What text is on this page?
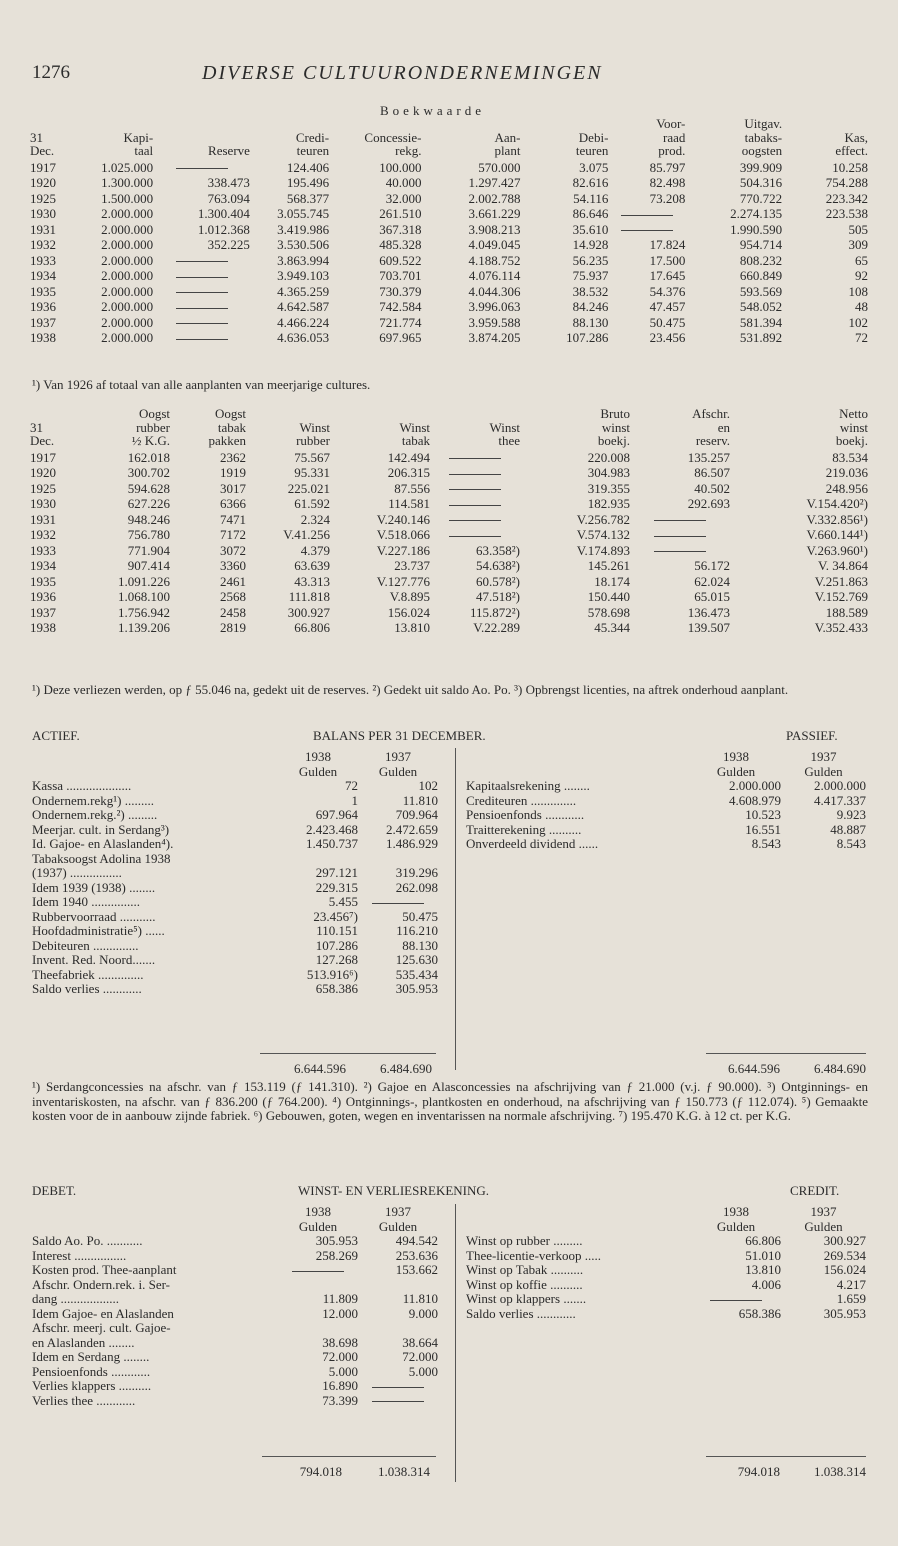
1276	DIVERSE CULTUURONDERNEMINGEN
Boekwaarde
							Voor-	Uitgav.	
31	Kapi-		Credi-	Concessie-	Aan-	Debi-	raad	tabaks-	Kas,
Dec.	taal	Reserve	teuren	rekg.	plant	teuren	prod.	oogsten	effect.
1917	1.025.000		124.406	100.000	570.000	3.075	85.797	399.909	10.258
1920	1.300.000	338.473	195.496	40.000	1.297.427	82.616	82.498	504.316	754.288
1925	1.500.000	763.094	568.377	32.000	2.002.788	54.116	73.208	770.722	223.342
1930	2.000.000	1.300.404	3.055.745	261.510	3.661.229	86.646		2.274.135	223.538
1931	2.000.000	1.012.368	3.419.986	367.318	3.908.213	35.610		1.990.590	505
1932	2.000.000	352.225	3.530.506	485.328	4.049.045	14.928	17.824	954.714	309
1933	2.000.000		3.863.994	609.522	4.188.752	56.235	17.500	808.232	65
1934	2.000.000		3.949.103	703.701	4.076.114	75.937	17.645	660.849	92
1935	2.000.000		4.365.259	730.379	4.044.306	38.532	54.376	593.569	108
1936	2.000.000		4.642.587	742.584	3.996.063	84.246	47.457	548.052	48
1937	2.000.000		4.466.224	721.774	3.959.588	88.130	50.475	581.394	102
1938	2.000.000		4.636.053	697.965	3.874.205	107.286	23.456	531.892	72
¹) Van 1926 af totaal van alle aanplanten van meerjarige cultures.
	Oogst	Oogst				Bruto	Afschr.	Netto
31	rubber	tabak	Winst	Winst	Winst	winst	en	winst
Dec.	½ K.G.	pakken	rubber	tabak	thee	boekj.	reserv.	boekj.
1917	162.018	2362	75.567	142.494		220.008	135.257	83.534
1920	300.702	1919	95.331	206.315		304.983	86.507	219.036
1925	594.628	3017	225.021	87.556		319.355	40.502	248.956
1930	627.226	6366	61.592	114.581		182.935	292.693	V.154.420²)
1931	948.246	7471	2.324	V.240.146		V.256.782		V.332.856¹)
1932	756.780	7172	V.41.256	V.518.066		V.574.132		V.660.144¹)
1933	771.904	3072	4.379	V.227.186	63.358²)	V.174.893		V.263.960¹)
1934	907.414	3360	63.639	23.737	54.638²)	145.261	56.172	V. 34.864
1935	1.091.226	2461	43.313	V.127.776	60.578²)	18.174	62.024	V.251.863
1936	1.068.100	2568	111.818	V.8.895	47.518²)	150.440	65.015	V.152.769
1937	1.756.942	2458	300.927	156.024	115.872²)	578.698	136.473	188.589
1938	1.139.206	2819	66.806	13.810	V.22.289	45.344	139.507	V.352.433
¹) Deze verliezen werden, op ƒ 55.046 na, gedekt uit de reserves. ²) Gedekt uit saldo Ao. Po. ³) Opbrengst licenties, na aftrek onderhoud aanplant.
ACTIEF.	BALANS PER 31 DECEMBER.	PASSIEF.
	1938	1937
	Gulden	Gulden
Kassa ....................	72	102
Ondernem.rekg¹) .........	1	11.810
Ondernem.rekg.²) .........	697.964	709.964
Meerjar. cult. in Serdang³)	2.423.468	2.472.659
Id. Gajoe- en Alaslanden⁴).	1.450.737	1.486.929
Tabaksoogst Adolina 1938		
(1937) ................	297.121	319.296
Idem 1939 (1938) ........	229.315	262.098
Idem 1940 ...............	5.455	
Rubbervoorraad ...........	23.456⁷)	50.475
Hoofdadministratie⁵) ......	110.151	116.210
Debiteuren ..............	107.286	88.130
Invent. Red. Noord.......	127.268	125.630
Theefabriek ..............	513.916⁶)	535.434
Saldo verlies ............	658.386	305.953
	1938	1937
	Gulden	Gulden
Kapitaalsrekening ........	2.000.000	2.000.000
Crediteuren ..............	4.608.979	4.417.337
Pensioenfonds ............	10.523	9.923
Traitterekening ..........	16.551	48.887
Onverdeeld dividend ......	8.543	8.543
6.644.596	6.484.690	6.644.596	6.484.690
¹) Serdangconcessies na afschr. van ƒ 153.119 (ƒ 141.310). ²) Gajoe en Alasconcessies na afschrijving van ƒ 21.000 (v.j. ƒ 90.000). ³) Ontginnings- en inventariskosten, na afschr. van ƒ 836.200 (ƒ 764.200). ⁴) Ontginnings-, plantkosten en onderhoud, na afschrijving van ƒ 150.773 (ƒ 112.074). ⁵) Gemaakte kosten voor de in aanbouw zijnde fabriek. ⁶) Gebouwen, goten, wegen en inventarissen na normale afschrijving. ⁷) 195.470 K.G. à 12 ct. per K.G.
DEBET.	WINST- EN VERLIESREKENING.	CREDIT.
	1938	1937
	Gulden	Gulden
Saldo Ao. Po. ...........	305.953	494.542
Interest ................	258.269	253.636
Kosten prod. Thee-aanplant		153.662
Afschr. Ondern.rek. i. Ser-		
dang ..................	11.809	11.810
Idem Gajoe- en Alaslanden	12.000	9.000
Afschr. meerj. cult. Gajoe-		
en Alaslanden ........	38.698	38.664
Idem en Serdang ........	72.000	72.000
Pensioenfonds ............	5.000	5.000
Verlies klappers ..........	16.890	
Verlies thee ............	73.399	
	1938	1937
	Gulden	Gulden
Winst op rubber .........	66.806	300.927
Thee-licentie-verkoop .....	51.010	269.534
Winst op Tabak ..........	13.810	156.024
Winst op koffie ..........	4.006	4.217
Winst op klappers .......		1.659
Saldo verlies ............	658.386	305.953
794.018	1.038.314	794.018	1.038.314
